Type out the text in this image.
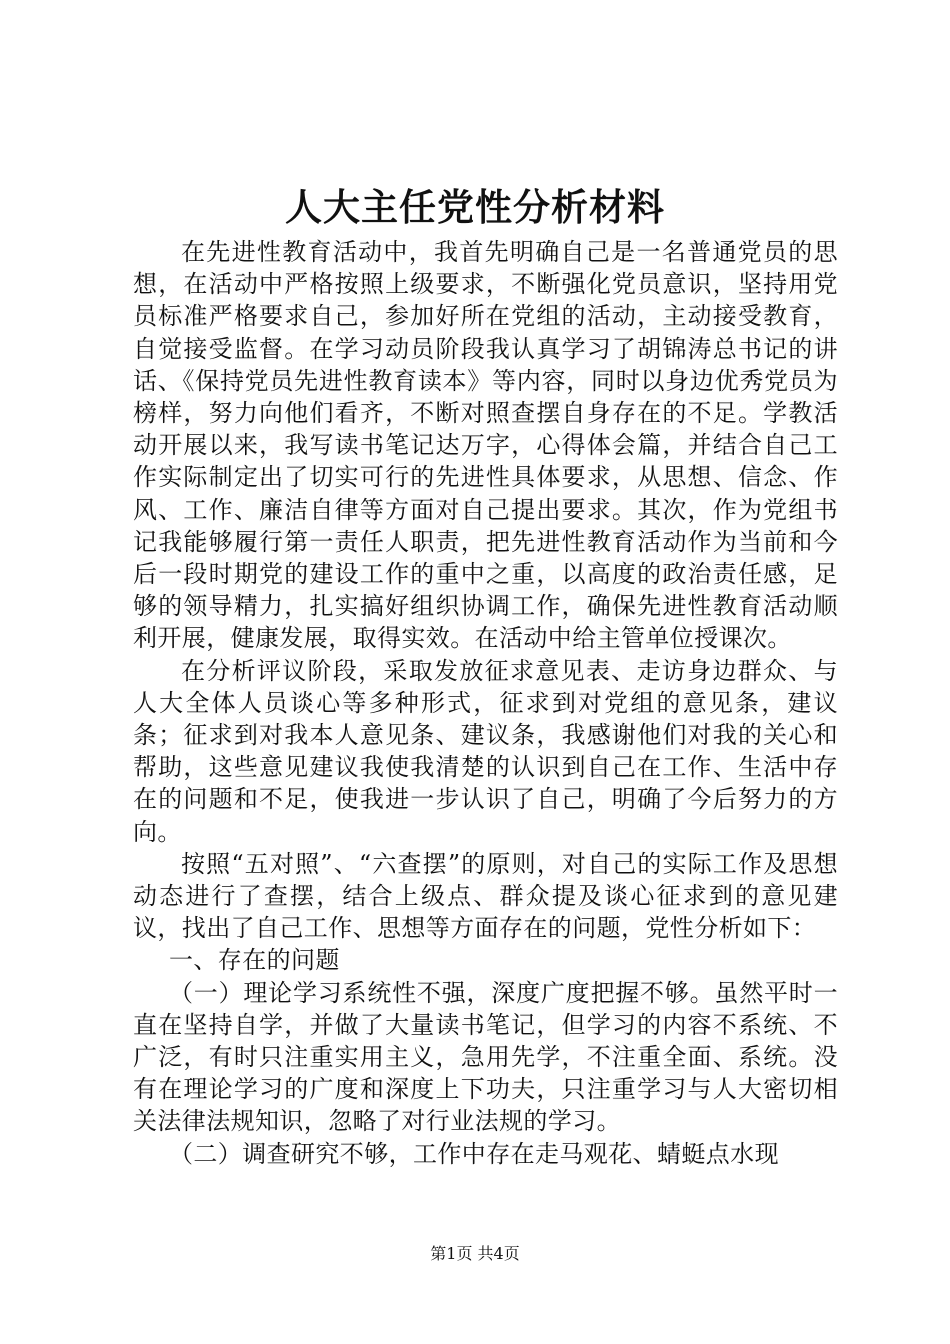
人大主任党性分析材料

在先进性教育活动中，我首先明确自己是一名普通党员的思想，在活动中严格按照上级要求，不断强化党员意识，坚持用党员标准严格要求自己，参加好所在党组的活动，主动接受教育，自觉接受监督。在学习动员阶段我认真学习了胡锦涛总书记的讲话、《保持党员先进性教育读本》等内容，同时以身边优秀党员为榜样，努力向他们看齐，不断对照查摆自身存在的不足。学教活动开展以来，我写读书笔记达万字，心得体会篇，并结合自己工作实际制定出了切实可行的先进性具体要求，从思想、信念、作风、工作、廉洁自律等方面对自己提出要求。其次，作为党组书记我能够履行第一责任人职责，把先进性教育活动作为当前和今后一段时期党的建设工作的重中之重，以高度的政治责任感，足够的领导精力，扎实搞好组织协调工作，确保先进性教育活动顺利开展，健康发展，取得实效。在活动中给主管单位授课次。

在分析评议阶段，采取发放征求意见表、走访身边群众、与人大全体人员谈心等多种形式，征求到对党组的意见条，建议条；征求到对我本人意见条、建议条，我感谢他们对我的关心和帮助，这些意见建议我使我清楚的认识到自己在工作、生活中存在的问题和不足，使我进一步认识了自己，明确了今后努力的方向。

按照“五对照”、“六查摆”的原则，对自己的实际工作及思想动态进行了查摆，结合上级点、群众提及谈心征求到的意见建议，找出了自己工作、思想等方面存在的问题，党性分析如下：

一、存在的问题

（一）理论学习系统性不强，深度广度把握不够。虽然平时一直在坚持自学，并做了大量读书笔记，但学习的内容不系统、不广泛，有时只注重实用主义，急用先学，不注重全面、系统。没有在理论学习的广度和深度上下功夫，只注重学习与人大密切相关法律法规知识，忽略了对行业法规的学习。

（二）调查研究不够，工作中存在走马观花、蜻蜓点水现

第1页 共4页
